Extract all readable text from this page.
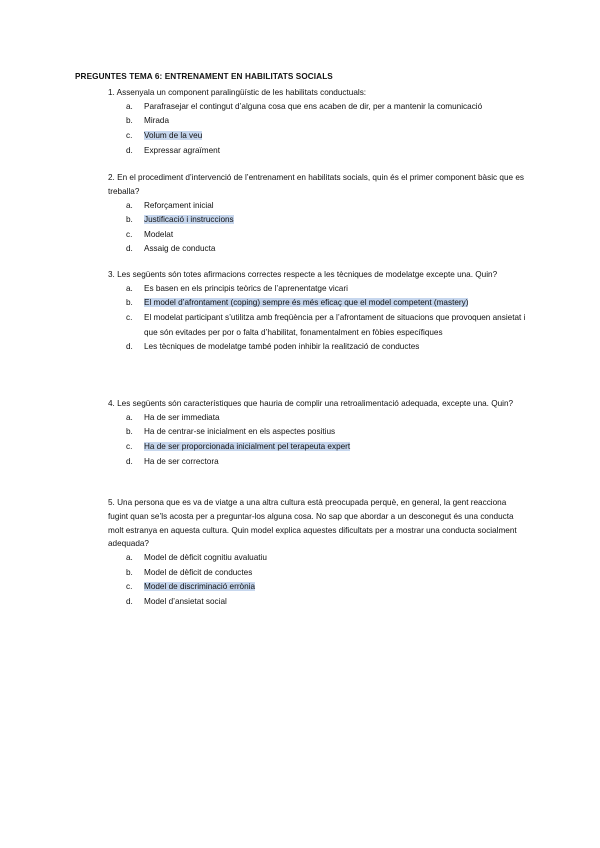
PREGUNTES TEMA 6: ENTRENAMENT EN HABILITATS SOCIALS

1. Assenyala un component paralingüístic de les habilitats conductuals:

a.	Parafrasejar el contingut d’alguna cosa que ens acaben de dir, per a mantenir la comunicació
b.	Mirada
c.	Volum de la veu
d.	Expressar agraïment

2. En el procediment d’intervenció de l’entrenament en habilitats socials, quin és el primer component bàsic que es treballa?

a.	Reforçament inicial
b.	Justificació i instruccions
c.	Modelat
d.	Assaig de conducta

3. Les següents són totes afirmacions correctes respecte a les tècniques de modelatge excepte una. Quin?

a.	Es basen en els principis teòrics de l’aprenentatge vicari
b.	El model d’afrontament (coping) sempre és més eficaç que el model competent (mastery)
c.	El modelat participant s’utilitza amb freqüència per a l’afrontament de situacions que provoquen ansietat i que són evitades per por o falta d’habilitat, fonamentalment en fòbies específiques
d.	Les tècniques de modelatge també poden inhibir la realització de conductes

4. Les següents són característiques que hauria de complir una retroalimentació adequada, excepte una. Quin?

a.	Ha de ser immediata
b.	Ha de centrar-se inicialment en els aspectes positius
c.	Ha de ser proporcionada inicialment pel terapeuta expert
d.	Ha de ser correctora

5. Una persona que es va de viatge a una altra cultura està preocupada perquè, en general, la gent reacciona fugint quan se’ls acosta per a preguntar-los alguna cosa. No sap que abordar a un desconegut és una conducta molt estranya en aquesta cultura. Quin model explica aquestes dificultats per a mostrar una conducta socialment adequada?

a.	Model de dèficit cognitiu avaluatiu
b.	Model de dèficit de conductes
c.	Model de discriminació errònia
d.	Model d’ansietat social
